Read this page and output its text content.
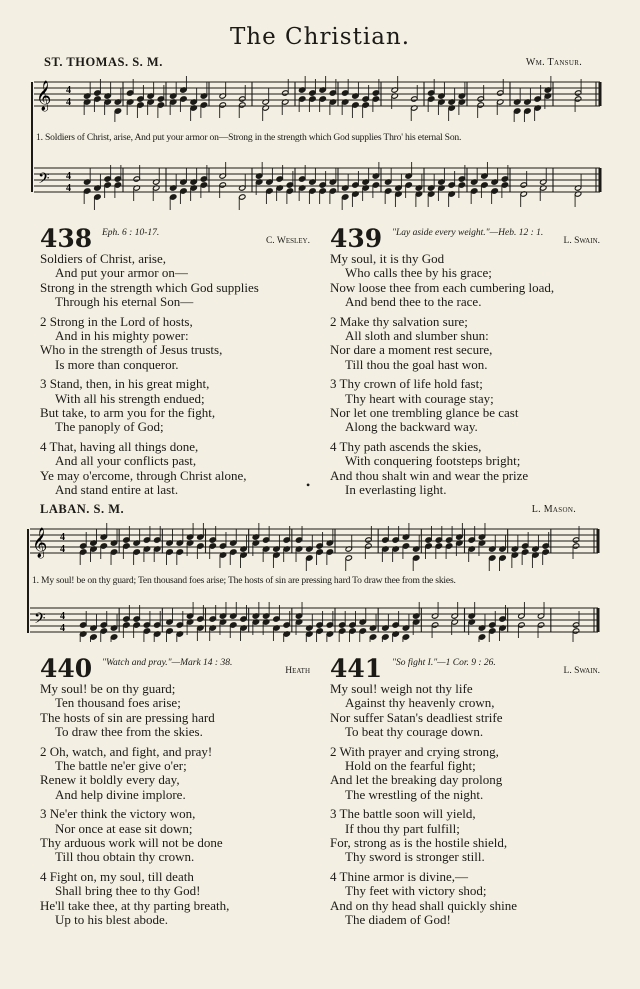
The Christian.
ST. THOMAS. S. M.	Wm. Tansur.
𝄞 4
4
1. Soldiers of Christ, arise, And put your armor on—Strong in the strength which God supplies Thro' his eternal Son.
𝄢 4
4
438 Eph. 6 : 10-17.
C. Wesley.
Soldiers of Christ, arise,
And put your armor on—
Strong in the strength which God supplies
Through his eternal Son—
2 Strong in the Lord of hosts,
And in his mighty power:
Who in the strength of Jesus trusts,
Is more than conqueror.
3 Stand, then, in his great might,
With all his strength endued;
But take, to arm you for the fight,
The panoply of God;
4 That, having all things done,
And all your conflicts past,
Ye may o'ercome, through Christ alone,
And stand entire at last.
439 "Lay aside every weight."—Heb. 12 : 1.
L. Swain.
My soul, it is thy God
Who calls thee by his grace;
Now loose thee from each cumbering load,
And bend thee to the race.
2 Make thy salvation sure;
All sloth and slumber shun:
Nor dare a moment rest secure,
Till thou the goal hast won.
3 Thy crown of life hold fast;
Thy heart with courage stay;
Nor let one trembling glance be cast
Along the backward way.
4 Thy path ascends the skies,
With conquering footsteps bright;
And thou shalt win and wear the prize
In everlasting light.
•
LABAN. S. M.	L. Mason.
𝄞 4
4
1. My soul! be on thy guard; Ten thousand foes arise; The hosts of sin are pressing hard To draw thee from the skies.
𝄢 4
4
440 "Watch and pray."—Mark 14 : 38.
Heath
My soul! be on thy guard;
Ten thousand foes arise;
The hosts of sin are pressing hard
To draw thee from the skies.
2 Oh, watch, and fight, and pray!
The battle ne'er give o'er;
Renew it boldly every day,
And help divine implore.
3 Ne'er think the victory won,
Nor once at ease sit down;
Thy arduous work will not be done
Till thou obtain thy crown.
4 Fight on, my soul, till death
Shall bring thee to thy God!
He'll take thee, at thy parting breath,
Up to his blest abode.
441 "So fight I."—1 Cor. 9 : 26.
L. Swain.
My soul! weigh not thy life
Against thy heavenly crown,
Nor suffer Satan's deadliest strife
To beat thy courage down.
2 With prayer and crying strong,
Hold on the fearful fight;
And let the breaking day prolong
The wrestling of the night.
3 The battle soon will yield,
If thou thy part fulfill;
For, strong as is the hostile shield,
Thy sword is stronger still.
4 Thine armor is divine,—
Thy feet with victory shod;
And on thy head shall quickly shine
The diadem of God!
